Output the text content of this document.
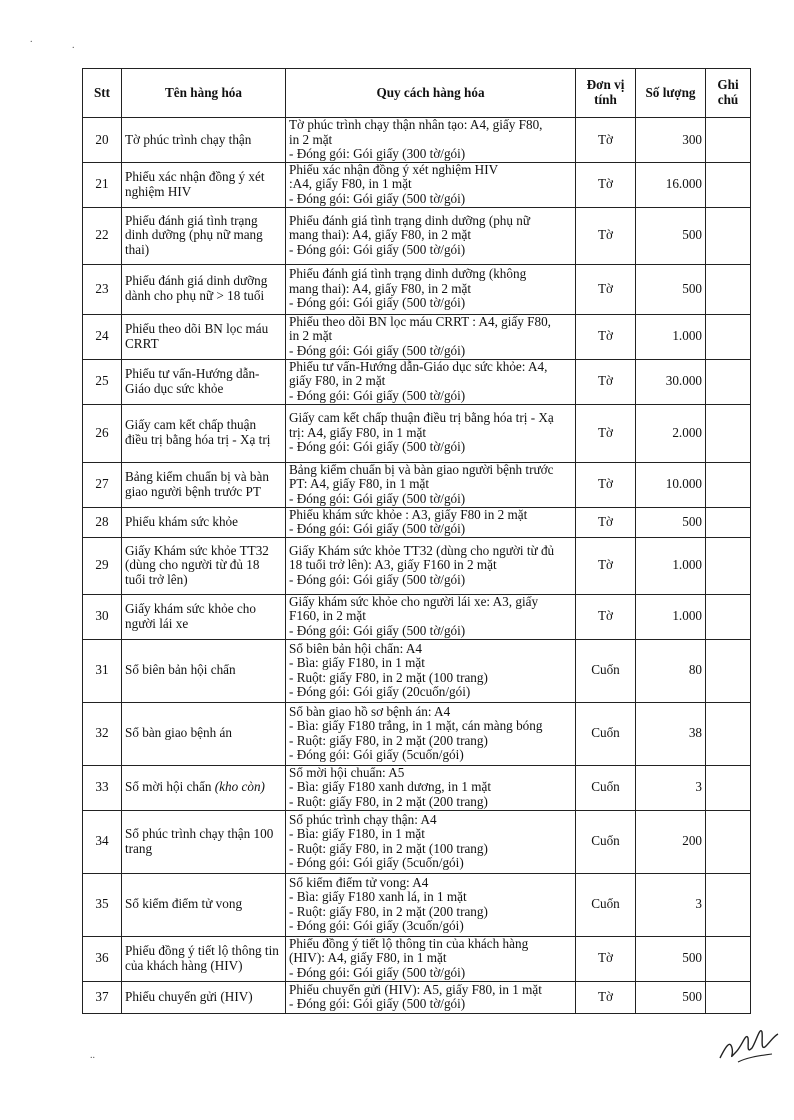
.
.
..
Stt	Tên hàng hóa	Quy cách hàng hóa	Đơn vị tính	Số lượng	Ghi chú
20	Tờ phúc trình chạy thận	Tờ phúc trình chạy thận nhân tạo: A4, giấy F80,
in 2 mặt
- Đóng gói: Gói giấy (300 tờ/gói)	Tờ	300	
21	Phiếu xác nhận đồng ý xét nghiệm HIV	Phiếu xác nhận đồng ý xét nghiệm HIV
:A4, giấy F80, in 1 mặt
- Đóng gói: Gói giấy (500 tờ/gói)	Tờ	16.000	
22	Phiếu đánh giá tình trạng dinh dưỡng (phụ nữ mang thai)	Phiếu đánh giá tình trạng dinh dưỡng (phụ nữ
mang thai): A4, giấy F80, in 2 mặt
- Đóng gói: Gói giấy (500 tờ/gói)	Tờ	500	
23	Phiếu đánh giá dinh dưỡng dành cho phụ nữ > 18 tuổi	Phiếu đánh giá tình trạng dinh dưỡng (không
mang thai): A4, giấy F80, in 2 mặt
- Đóng gói: Gói giấy (500 tờ/gói)	Tờ	500	
24	Phiếu theo dõi BN lọc máu CRRT	Phiếu theo dõi BN lọc máu CRRT : A4, giấy F80,
in 2 mặt
- Đóng gói: Gói giấy (500 tờ/gói)	Tờ	1.000	
25	Phiếu tư vấn-Hướng dẫn-Giáo dục sức khỏe	Phiếu tư vấn-Hướng dẫn-Giáo dục sức khỏe: A4,
giấy F80, in 2 mặt
- Đóng gói: Gói giấy (500 tờ/gói)	Tờ	30.000	
26	Giấy cam kết chấp thuận điều trị bằng hóa trị - Xạ trị	Giấy cam kết chấp thuận điều trị bằng hóa trị - Xạ
trị: A4, giấy F80, in 1 mặt
- Đóng gói: Gói giấy (500 tờ/gói)	Tờ	2.000	
27	Bảng kiểm chuẩn bị và bàn giao người bệnh trước PT	Bảng kiểm chuẩn bị và bàn giao người bệnh trước
PT: A4, giấy F80, in 1 mặt
- Đóng gói: Gói giấy (500 tờ/gói)	Tờ	10.000	
28	Phiếu khám sức khỏe	Phiếu khám sức khỏe : A3, giấy F80 in 2 mặt
- Đóng gói: Gói giấy (500 tờ/gói)	Tờ	500	
29	Giấy Khám sức khỏe TT32 (dùng cho người từ đủ 18 tuổi trở lên)	Giấy Khám sức khỏe TT32 (dùng cho người từ đủ
18 tuổi trở lên): A3, giấy F160 in 2 mặt
- Đóng gói: Gói giấy (500 tờ/gói)	Tờ	1.000	
30	Giấy khám sức khỏe cho người lái xe	Giấy khám sức khỏe cho người lái xe: A3, giấy
F160, in 2 mặt
- Đóng gói: Gói giấy (500 tờ/gói)	Tờ	1.000	
31	Sổ biên bản hội chẩn	Sổ biên bản hội chẩn: A4
- Bìa: giấy F180, in 1 mặt
- Ruột: giấy F80, in 2 mặt (100 trang)
- Đóng gói: Gói giấy (20cuốn/gói)	Cuốn	80	
32	Sổ bàn giao bệnh án	Sổ bàn giao hồ sơ bệnh án: A4
- Bìa: giấy F180 trắng, in 1 mặt, cán màng bóng
- Ruột: giấy F80, in 2 mặt (200 trang)
- Đóng gói: Gói giấy (5cuốn/gói)	Cuốn	38	
33	Sổ mời hội chẩn (kho còn)	Sổ mời hội chuẩn: A5
- Bìa: giấy F180 xanh dương, in 1 mặt
- Ruột: giấy F80, in 2 mặt (200 trang)	Cuốn	3	
34	Sổ phúc trình chạy thận 100 trang	Sổ phúc trình chạy thận: A4
- Bìa: giấy F180, in 1 mặt
- Ruột: giấy F80, in 2 mặt (100 trang)
- Đóng gói: Gói giấy (5cuốn/gói)	Cuốn	200	
35	Sổ kiểm điểm tử vong	Sổ kiểm điểm tử vong: A4
- Bìa: giấy F180 xanh lá, in 1 mặt
- Ruột: giấy F80, in 2 mặt (200 trang)
- Đóng gói: Gói giấy (3cuốn/gói)	Cuốn	3	
36	Phiếu đồng ý tiết lộ thông tin của khách hàng (HIV)	Phiếu đồng ý tiết lộ thông tin của khách hàng
(HIV): A4, giấy F80, in 1 mặt
- Đóng gói: Gói giấy (500 tờ/gói)	Tờ	500	
37	Phiếu chuyển gửi (HIV)	Phiếu chuyển gửi (HIV): A5, giấy F80, in 1 mặt
- Đóng gói: Gói giấy (500 tờ/gói)	Tờ	500	
